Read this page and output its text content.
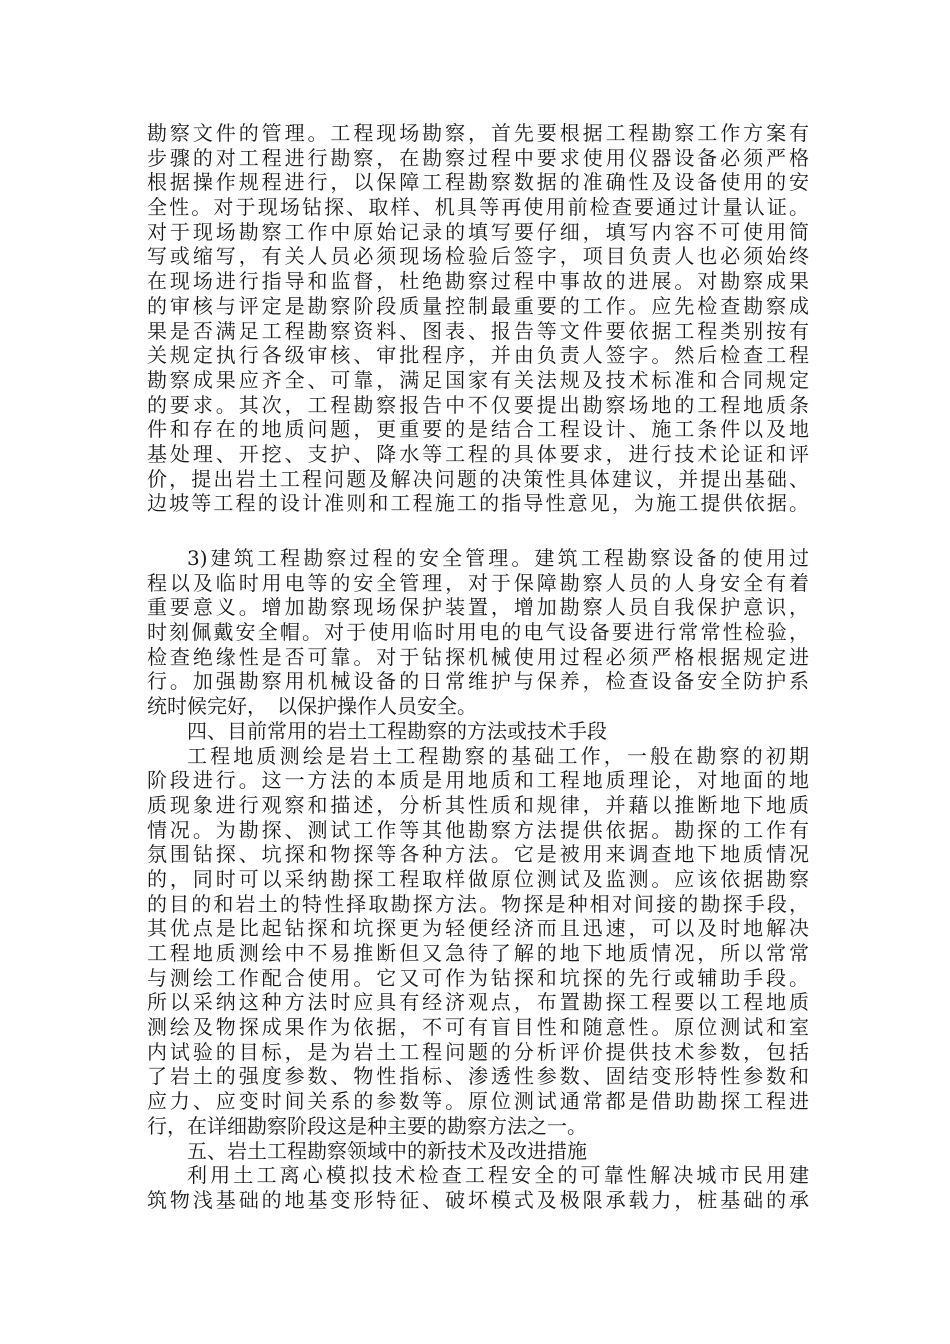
勘察文件的管理。工程现场勘察，首先要根据工程勘察工作方案有
步骤的对工程进行勘察，在勘察过程中要求使用仪器设备必须严格
根据操作规程进行，以保障工程勘察数据的准确性及设备使用的安
全性。对于现场钻探、取样、机具等再使用前检查要通过计量认证。
对于现场勘察工作中原始记录的填写要仔细，填写内容不可使用简
写或缩写，有关人员必须现场检验后签字，项目负责人也必须始终
在现场进行指导和监督，杜绝勘察过程中事故的进展。对勘察成果
的审核与评定是勘察阶段质量控制最重要的工作。应先检查勘察成
果是否满足工程勘察资料、图表、报告等文件要依据工程类别按有
关规定执行各级审核、审批程序，并由负责人签字。然后检查工程
勘察成果应齐全、可靠，满足国家有关法规及技术标准和合同规定
的要求。其次，工程勘察报告中不仅要提出勘察场地的工程地质条
件和存在的地质问题，更重要的是结合工程设计、施工条件以及地
基处理、开挖、支护、降水等工程的具体要求，进行技术论证和评
价，提出岩土工程问题及解决问题的决策性具体建议，并提出基础、
边坡等工程的设计准则和工程施工的指导性意见，为施工提供依据。
3)建筑工程勘察过程的安全管理。建筑工程勘察设备的使用过
程以及临时用电等的安全管理，对于保障勘察人员的人身安全有着
重要意义。增加勘察现场保护装置，增加勘察人员自我保护意识，
时刻佩戴安全帽。对于使用临时用电的电气设备要进行常常性检验，
检查绝缘性是否可靠。对于钻探机械使用过程必须严格根据规定进
行。加强勘察用机械设备的日常维护与保养，检查设备安全防护系
统时候完好，　以保护操作人员安全。
四、目前常用的岩土工程勘察的方法或技术手段
工程地质测绘是岩土工程勘察的基础工作，一般在勘察的初期
阶段进行。这一方法的本质是用地质和工程地质理论，对地面的地
质现象进行观察和描述，分析其性质和规律，并藉以推断地下地质
情况。为勘探、测试工作等其他勘察方法提供依据。勘探的工作有
氛围钻探、坑探和物探等各种方法。它是被用来调查地下地质情况
的，同时可以采纳勘探工程取样做原位测试及监测。应该依据勘察
的目的和岩土的特性择取勘探方法。物探是种相对间接的勘探手段，
其优点是比起钻探和坑探更为轻便经济而且迅速，可以及时地解决
工程地质测绘中不易推断但又急待了解的地下地质情况，所以常常
与测绘工作配合使用。它又可作为钻探和坑探的先行或辅助手段。
所以采纳这种方法时应具有经济观点，布置勘探工程要以工程地质
测绘及物探成果作为依据，不可有盲目性和随意性。原位测试和室
内试验的目标，是为岩土工程问题的分析评价提供技术参数，包括
了岩土的强度参数、物性指标、渗透性参数、固结变形特性参数和
应力、应变时间关系的参数等。原位测试通常都是借助勘探工程进
行，在详细勘察阶段这是种主要的勘察方法之一。
五、岩土工程勘察领域中的新技术及改进措施
利用土工离心模拟技术检查工程安全的可靠性解决城市民用建
筑物浅基础的地基变形特征、破坏模式及极限承载力，桩基础的承
